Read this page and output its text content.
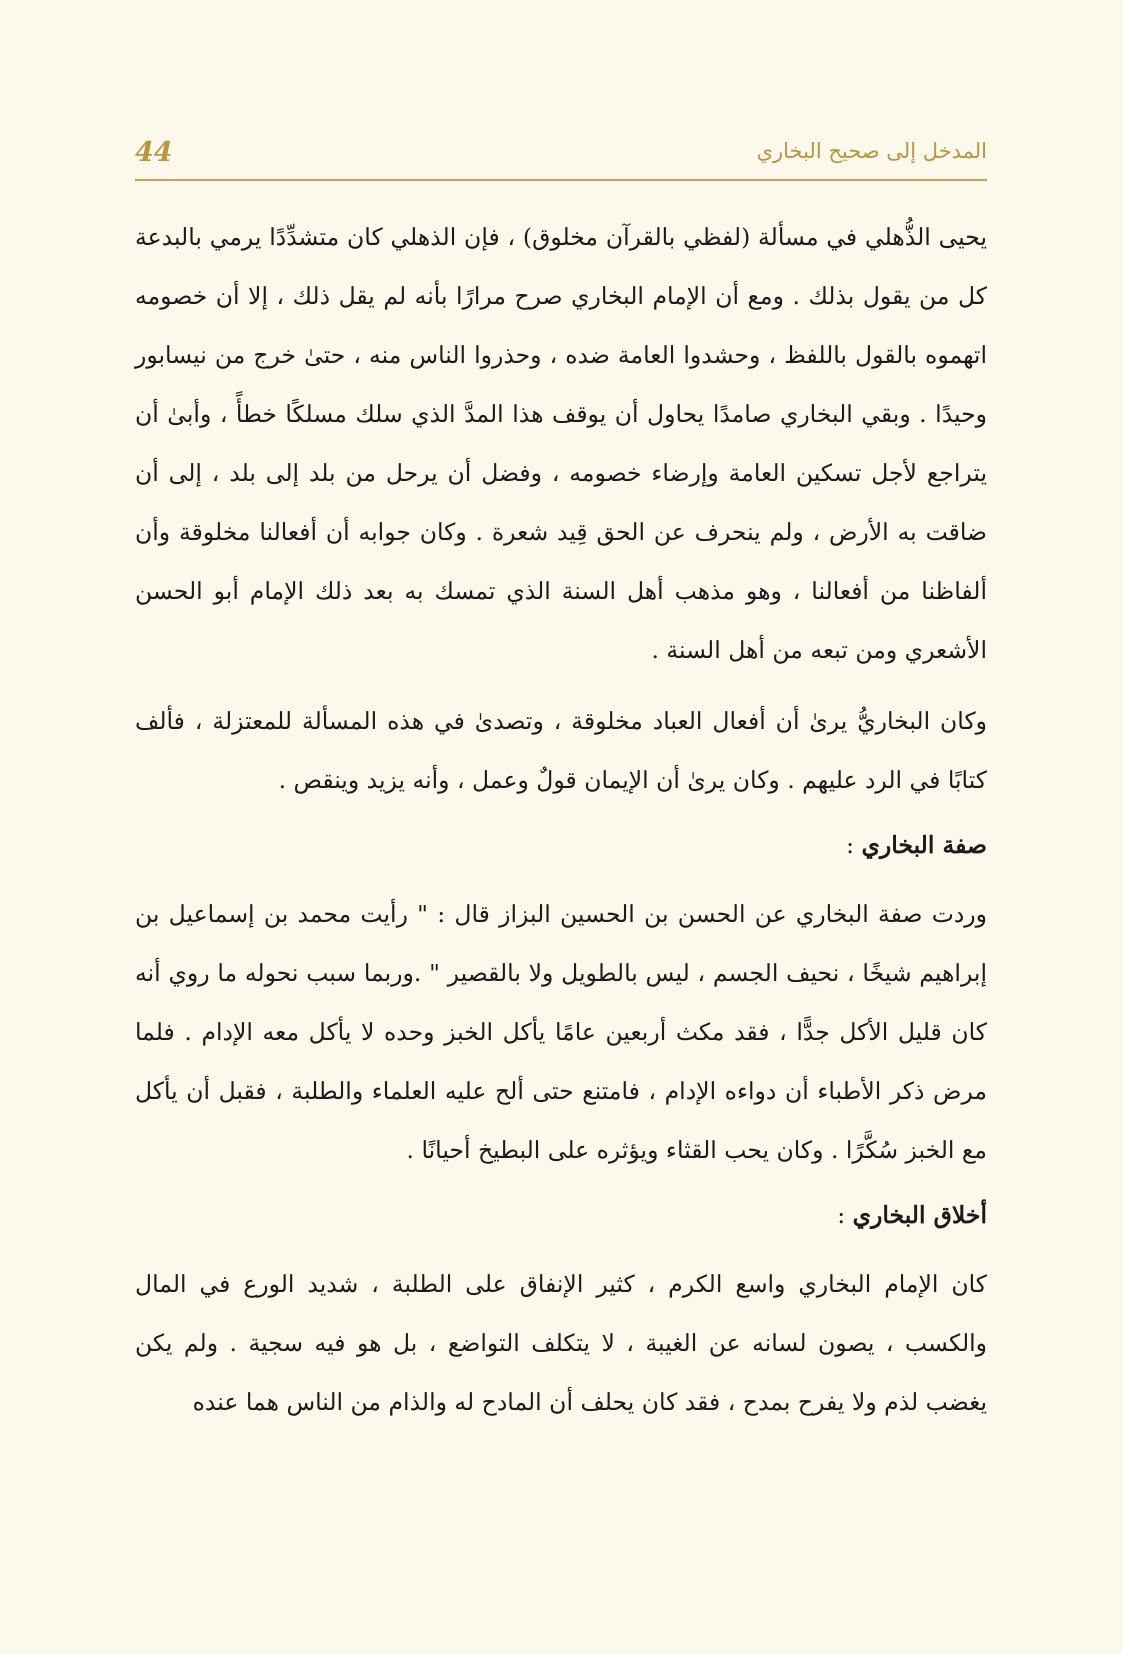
44	المدخل إلى صحيح البخاري

يحيى الذُّهلي في مسألة (لفظي بالقرآن مخلوق) ، فإن الذهلي كان متشدِّدًا يرمي بالبدعة كل من يقول بذلك . ومع أن الإمام البخاري صرح مرارًا بأنه لم يقل ذلك ، إلا أن خصومه اتهموه بالقول باللفظ ، وحشدوا العامة ضده ، وحذروا الناس منه ، حتىٰ خرج من نيسابور وحيدًا . وبقي البخاري صامدًا يحاول أن يوقف هذا المدَّ الذي سلك مسلكًا خطأً ، وأبىٰ أن يتراجع لأجل تسكين العامة وإرضاء خصومه ، وفضل أن يرحل من بلد إلى بلد ، إلى أن ضاقت به الأرض ، ولم ينحرف عن الحق قِيد شعرة . وكان جوابه أن أفعالنا مخلوقة وأن ألفاظنا من أفعالنا ، وهو مذهب أهل السنة الذي تمسك به بعد ذلك الإمام أبو الحسن الأشعري ومن تبعه من أهل السنة .

وكان البخاريُّ يرىٰ أن أفعال العباد مخلوقة ، وتصدىٰ في هذه المسألة للمعتزلة ، فألف كتابًا في الرد عليهم . وكان يرىٰ أن الإيمان قولٌ وعمل ، وأنه يزيد وينقص .

صفة البخاري :

وردت صفة البخاري عن الحسن بن الحسين البزاز قال : " رأيت محمد بن إسماعيل بن إبراهيم شيخًا ، نحيف الجسم ، ليس بالطويل ولا بالقصير " .وربما سبب نحوله ما روي أنه كان قليل الأكل جدًّا ، فقد مكث أربعين عامًا يأكل الخبز وحده لا يأكل معه الإدام . فلما مرض ذكر الأطباء أن دواءه الإدام ، فامتنع حتى ألح عليه العلماء والطلبة ، فقبل أن يأكل مع الخبز سُكَّرًا . وكان يحب القثاء ويؤثره على البطيخ أحيانًا .

أخلاق البخاري :

كان الإمام البخاري واسع الكرم ، كثير الإنفاق على الطلبة ، شديد الورع في المال والكسب ، يصون لسانه عن الغيبة ، لا يتكلف التواضع ، بل هو فيه سجية . ولم يكن يغضب لذم ولا يفرح بمدح ، فقد كان يحلف أن المادح له والذام من الناس هما عنده
